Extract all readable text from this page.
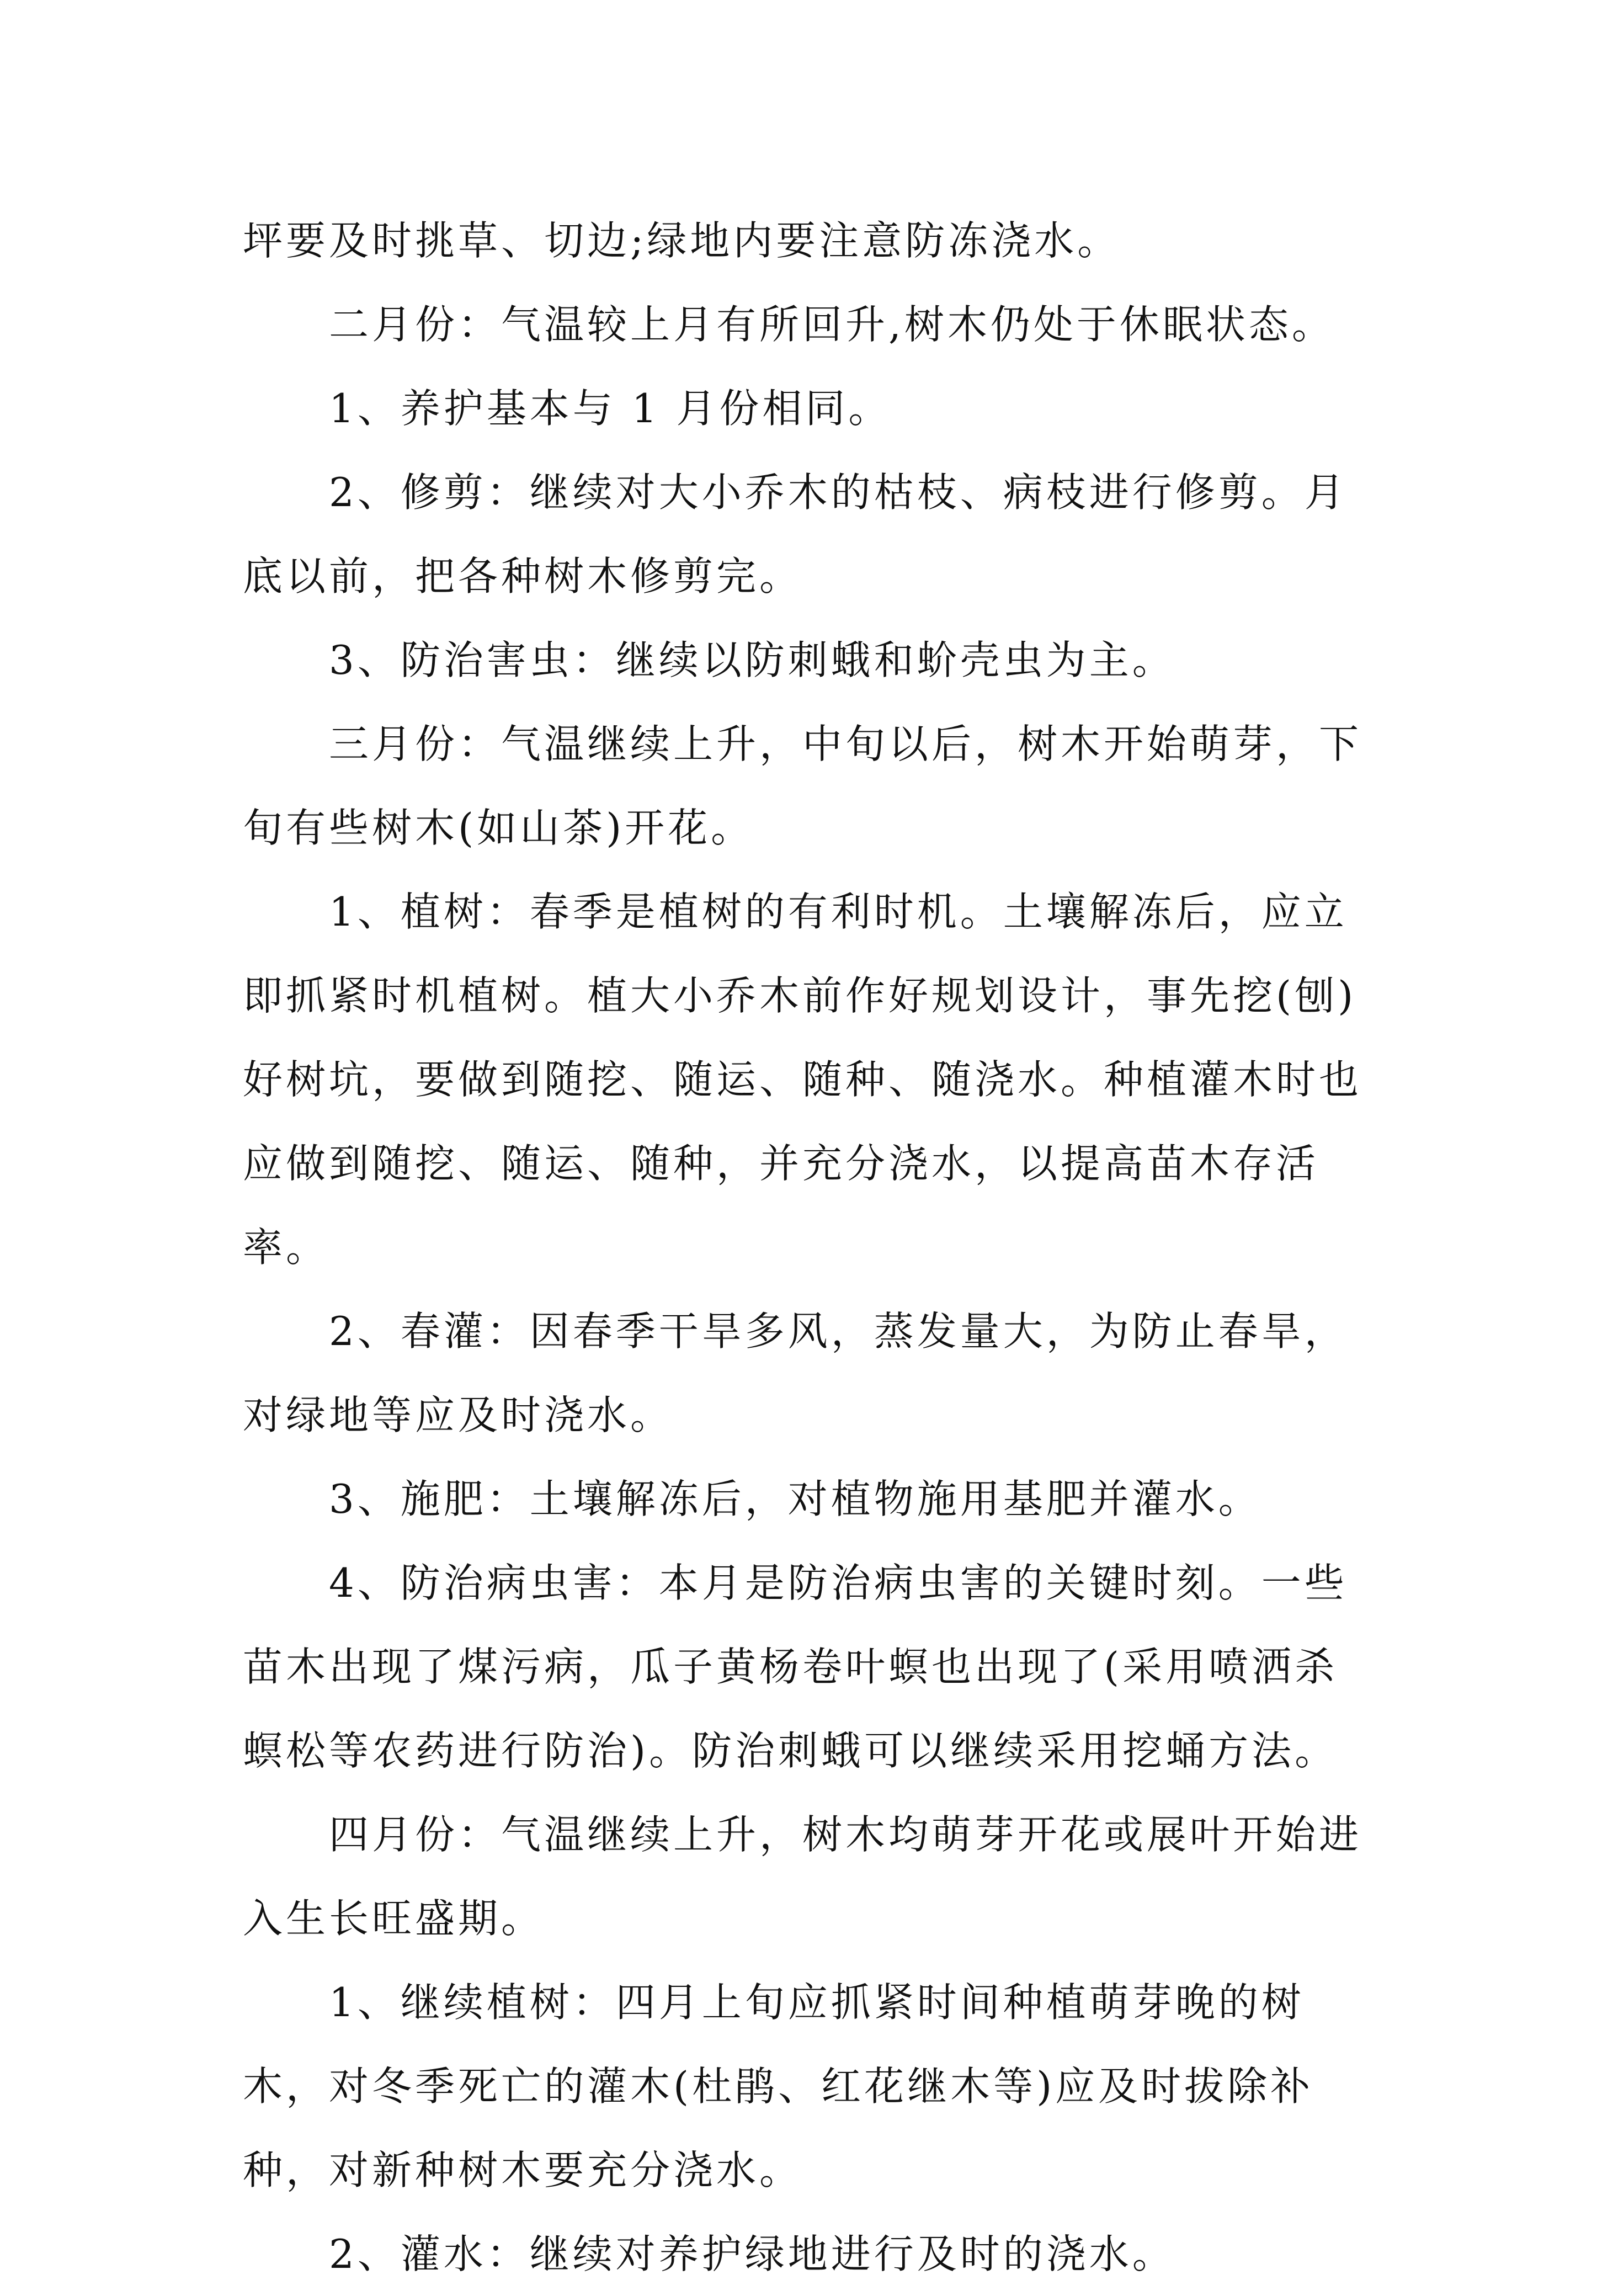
坪要及时挑草、切边;绿地内要注意防冻浇水。

二月份：气温较上月有所回升,树木仍处于休眠状态。

1、养护基本与 1 月份相同。

2、修剪：继续对大小乔木的枯枝、病枝进行修剪。月底以前，把各种树木修剪完。

3、防治害虫：继续以防刺蛾和蚧壳虫为主。

三月份：气温继续上升，中旬以后，树木开始萌芽，下旬有些树木(如山茶)开花。

1、植树：春季是植树的有利时机。土壤解冻后，应立即抓紧时机植树。植大小乔木前作好规划设计，事先挖(刨)好树坑，要做到随挖、随运、随种、随浇水。种植灌木时也应做到随挖、随运、随种，并充分浇水，以提高苗木存活率。

2、春灌：因春季干旱多风，蒸发量大，为防止春旱，对绿地等应及时浇水。

3、施肥：土壤解冻后，对植物施用基肥并灌水。

4、防治病虫害：本月是防治病虫害的关键时刻。一些苗木出现了煤污病，瓜子黄杨卷叶螟也出现了(采用喷洒杀螟松等农药进行防治)。防治刺蛾可以继续采用挖蛹方法。

四月份：气温继续上升，树木均萌芽开花或展叶开始进入生长旺盛期。

1、继续植树：四月上旬应抓紧时间种植萌芽晚的树木，对冬季死亡的灌木(杜鹃、红花继木等)应及时拔除补种，对新种树木要充分浇水。

2、灌水：继续对养护绿地进行及时的浇水。
